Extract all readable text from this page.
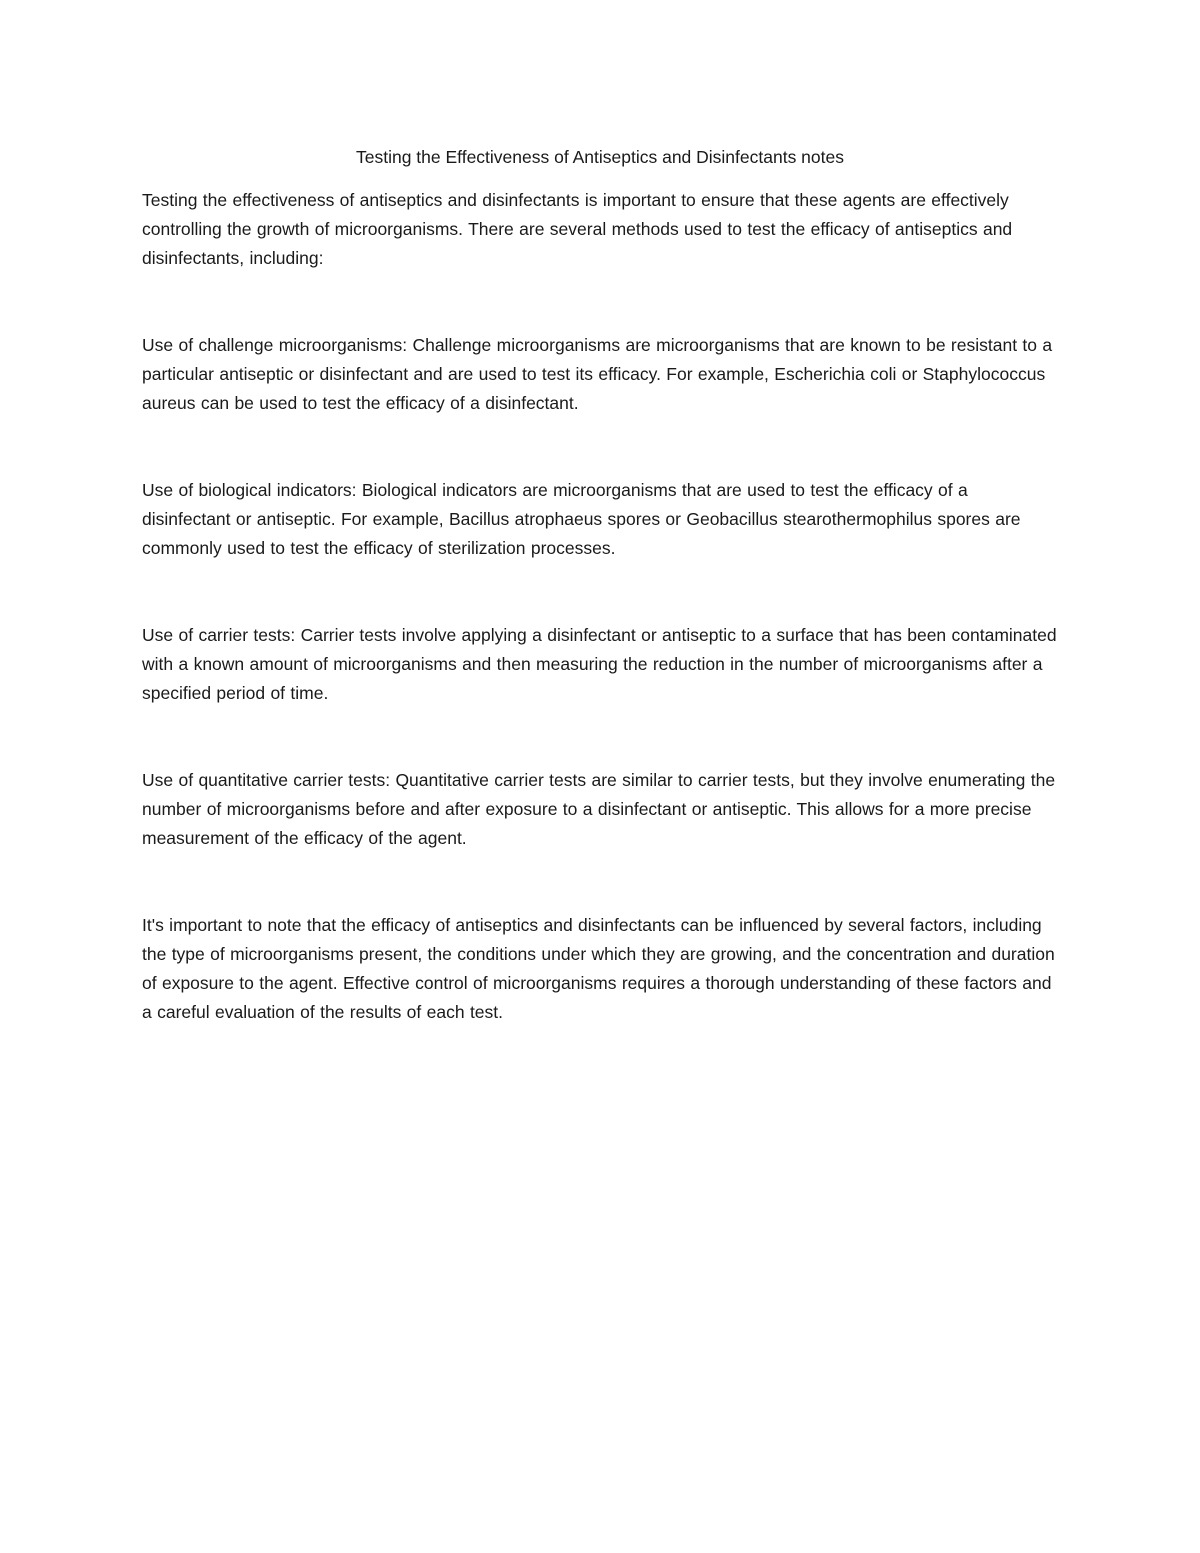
Testing the Effectiveness of Antiseptics and Disinfectants notes

Testing the effectiveness of antiseptics and disinfectants is important to ensure that these agents are effectively controlling the growth of microorganisms. There are several methods used to test the efficacy of antiseptics and disinfectants, including:

Use of challenge microorganisms: Challenge microorganisms are microorganisms that are known to be resistant to a particular antiseptic or disinfectant and are used to test its efficacy. For example, Escherichia coli or Staphylococcus aureus can be used to test the efficacy of a disinfectant.

Use of biological indicators: Biological indicators are microorganisms that are used to test the efficacy of a disinfectant or antiseptic. For example, Bacillus atrophaeus spores or Geobacillus stearothermophilus spores are commonly used to test the efficacy of sterilization processes.

Use of carrier tests: Carrier tests involve applying a disinfectant or antiseptic to a surface that has been contaminated with a known amount of microorganisms and then measuring the reduction in the number of microorganisms after a specified period of time.

Use of quantitative carrier tests: Quantitative carrier tests are similar to carrier tests, but they involve enumerating the number of microorganisms before and after exposure to a disinfectant or antiseptic. This allows for a more precise measurement of the efficacy of the agent.

It's important to note that the efficacy of antiseptics and disinfectants can be influenced by several factors, including the type of microorganisms present, the conditions under which they are growing, and the concentration and duration of exposure to the agent. Effective control of microorganisms requires a thorough understanding of these factors and a careful evaluation of the results of each test.
